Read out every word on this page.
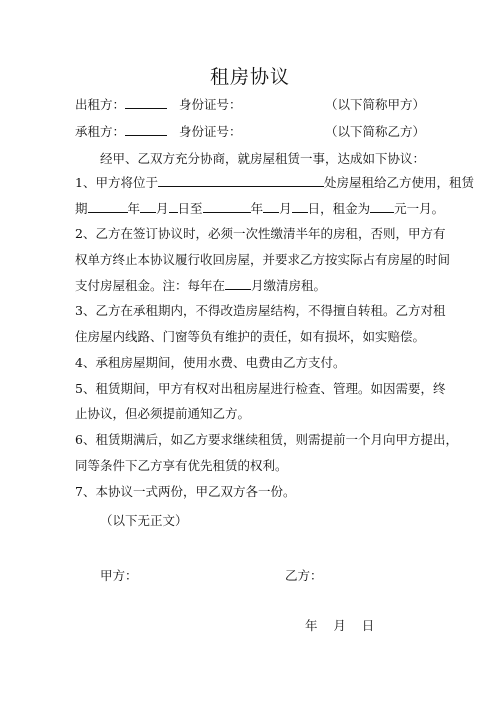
租房协议
出租方：	身份证号：	（以下简称甲方）
承租方：	身份证号：	（以下简称乙方）
经甲、乙双方充分协商，就房屋租赁一事，达成如下协议：
1、甲方将位于	处房屋租给乙方使用，租赁
期	年 月 日至	年 月 日，租金为 元一月。
2、乙方在签订协议时，必须一次性缴清半年的房租，否则，甲方有
权单方终止本协议履行收回房屋，并要求乙方按实际占有房屋的时间
支付房屋租金。注：每年在 月缴清房租。
3、乙方在承租期内，不得改造房屋结构，不得擅自转租。乙方对租
住房屋内线路、门窗等负有维护的责任，如有损坏，如实赔偿。
4、承租房屋期间，使用水费、电费由乙方支付。
5、租赁期间，甲方有权对出租房屋进行检查、管理。如因需要，终
止协议，但必须提前通知乙方。
6、租赁期满后，如乙方要求继续租赁，则需提前一个月向甲方提出，
同等条件下乙方享有优先租赁的权利。
7、本协议一式两份，甲乙双方各一份。
（以下无正文）
甲方：	乙方：
年    月    日
